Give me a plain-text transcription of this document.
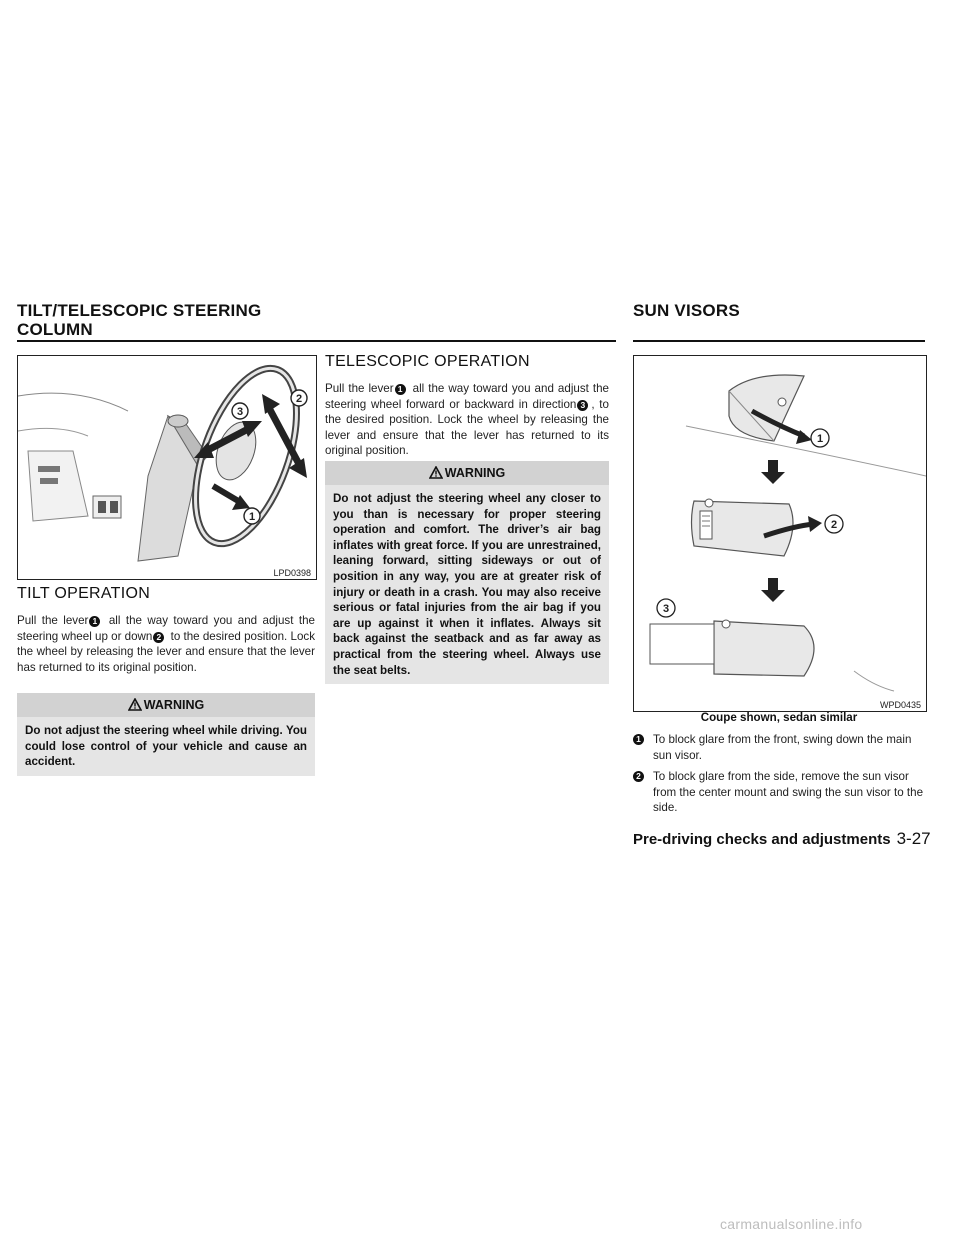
TILT/TELESCOPIC STEERING
COLUMN
SUN VISORS
2
3
1
LPD0398
TILT OPERATION

Pull the lever 1 all the way toward you and adjust the steering wheel up or down 2 to the desired position. Lock the wheel by releasing the lever and ensure that the lever has returned to its original position.

WARNING

Do not adjust the steering wheel while driving. You could lose control of your vehicle and cause an accident.

TELESCOPIC OPERATION

Pull the lever 1 all the way toward you and adjust the steering wheel forward or backward in direction 3 , to the desired position. Lock the wheel by releasing the lever and ensure that the lever has returned to its original position.

WARNING

Do not adjust the steering wheel any closer to you than is necessary for proper steering operation and comfort. The driver’s air bag inflates with great force. If you are unrestrained, leaning forward, sitting sideways or out of position in any way, you are at greater risk of injury or death in a crash. You may also receive serious or fatal injuries from the air bag if you are up against it when it inflates. Always sit back against the seatback and as far away as practical from the steering wheel. Always use the seat belts.

1
2
3
WPD0435
Coupe shown, sedan similar
1 To block glare from the front, swing down the main sun visor.
2 To block glare from the side, remove the sun visor from the center mount and swing the sun visor to the side.
Pre-driving checks and adjustments 3-27
carmanualsonline.info
